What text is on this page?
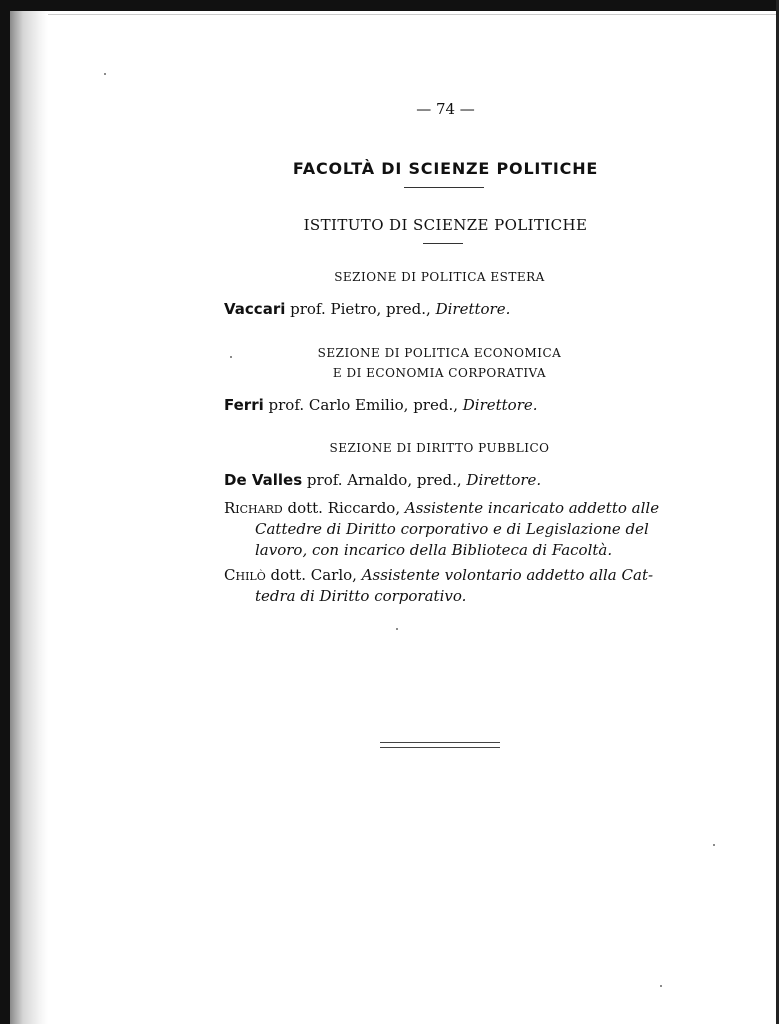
— 74 —
FACOLTÀ DI SCIENZE POLITICHE
ISTITUTO DI SCIENZE POLITICHE
SEZIONE DI POLITICA ESTERA
Vaccari prof. Pietro, pred., Direttore.
SEZIONE DI POLITICA ECONOMICA
E DI ECONOMIA CORPORATIVA
Ferri prof. Carlo Emilio, pred., Direttore.
SEZIONE DI DIRITTO PUBBLICO
De Valles prof. Arnaldo, pred., Direttore.
Richard dott. Riccardo, Assistente incaricato addetto alle
Cattedre di Diritto corporativo e di Legislazione del
lavoro, con incarico della Biblioteca di Facoltà.
Chilò dott. Carlo, Assistente volontario addetto alla Cat-
tedra di Diritto corporativo.
